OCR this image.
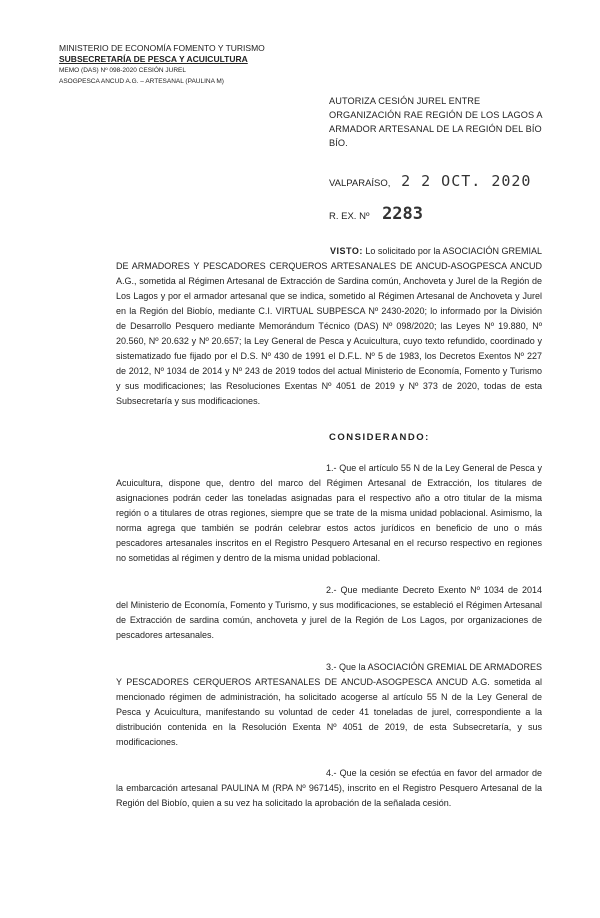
MINISTERIO DE ECONOMÍA FOMENTO Y TURISMO
SUBSECRETARÍA DE PESCA Y ACUICULTURA
MEMO (DAS) Nº 098-2020 CESIÓN JUREL
ASOGPESCA ANCUD A.G. – ARTESANAL (PAULINA M)
AUTORIZA CESIÓN JUREL ENTRE ORGANIZACIÓN RAE REGIÓN DE LOS LAGOS A ARMADOR ARTESANAL DE LA REGIÓN DEL BÍO BÍO.
VALPARAÍSO, 2 2 OCT. 2020
R. EX. Nº 2283
VISTO: Lo solicitado por la ASOCIACIÓN GREMIAL DE ARMADORES Y PESCADORES CERQUEROS ARTESANALES DE ANCUD-ASOGPESCA ANCUD A.G., sometida al Régimen Artesanal de Extracción de Sardina común, Anchoveta y Jurel de la Región de Los Lagos y por el armador artesanal que se indica, sometido al Régimen Artesanal de Anchoveta y Jurel en la Región del Biobío, mediante C.I. VIRTUAL SUBPESCA Nº 2430-2020; lo informado por la División de Desarrollo Pesquero mediante Memorándum Técnico (DAS) Nº 098/2020; las Leyes Nº 19.880, Nº 20.560, Nº 20.632 y Nº 20.657; la Ley General de Pesca y Acuicultura, cuyo texto refundido, coordinado y sistematizado fue fijado por el D.S. Nº 430 de 1991 el D.F.L. Nº 5 de 1983, los Decretos Exentos Nº 227 de 2012, Nº 1034 de 2014 y Nº 243 de 2019 todos del actual Ministerio de Economía, Fomento y Turismo y sus modificaciones; las Resoluciones Exentas Nº 4051 de 2019 y Nº 373 de 2020, todas de esta Subsecretaría y sus modificaciones.
CONSIDERANDO:
1.- Que el artículo 55 N de la Ley General de Pesca y Acuicultura, dispone que, dentro del marco del Régimen Artesanal de Extracción, los titulares de asignaciones podrán ceder las toneladas asignadas para el respectivo año a otro titular de la misma región o a titulares de otras regiones, siempre que se trate de la misma unidad poblacional. Asimismo, la norma agrega que también se podrán celebrar estos actos jurídicos en beneficio de uno o más pescadores artesanales inscritos en el Registro Pesquero Artesanal en el recurso respectivo en regiones no sometidas al régimen y dentro de la misma unidad poblacional.
2.- Que mediante Decreto Exento Nº 1034 de 2014 del Ministerio de Economía, Fomento y Turismo, y sus modificaciones, se estableció el Régimen Artesanal de Extracción de sardina común, anchoveta y jurel de la Región de Los Lagos, por organizaciones de pescadores artesanales.
3.- Que la ASOCIACIÓN GREMIAL DE ARMADORES Y PESCADORES CERQUEROS ARTESANALES DE ANCUD-ASOGPESCA ANCUD A.G. sometida al mencionado régimen de administración, ha solicitado acogerse al artículo 55 N de la Ley General de Pesca y Acuicultura, manifestando su voluntad de ceder 41 toneladas de jurel, correspondiente a la distribución contenida en la Resolución Exenta Nº 4051 de 2019, de esta Subsecretaría, y sus modificaciones.
4.- Que la cesión se efectúa en favor del armador de la embarcación artesanal PAULINA M (RPA Nº 967145), inscrito en el Registro Pesquero Artesanal de la Región del Biobío, quien a su vez ha solicitado la aprobación de la señalada cesión.
